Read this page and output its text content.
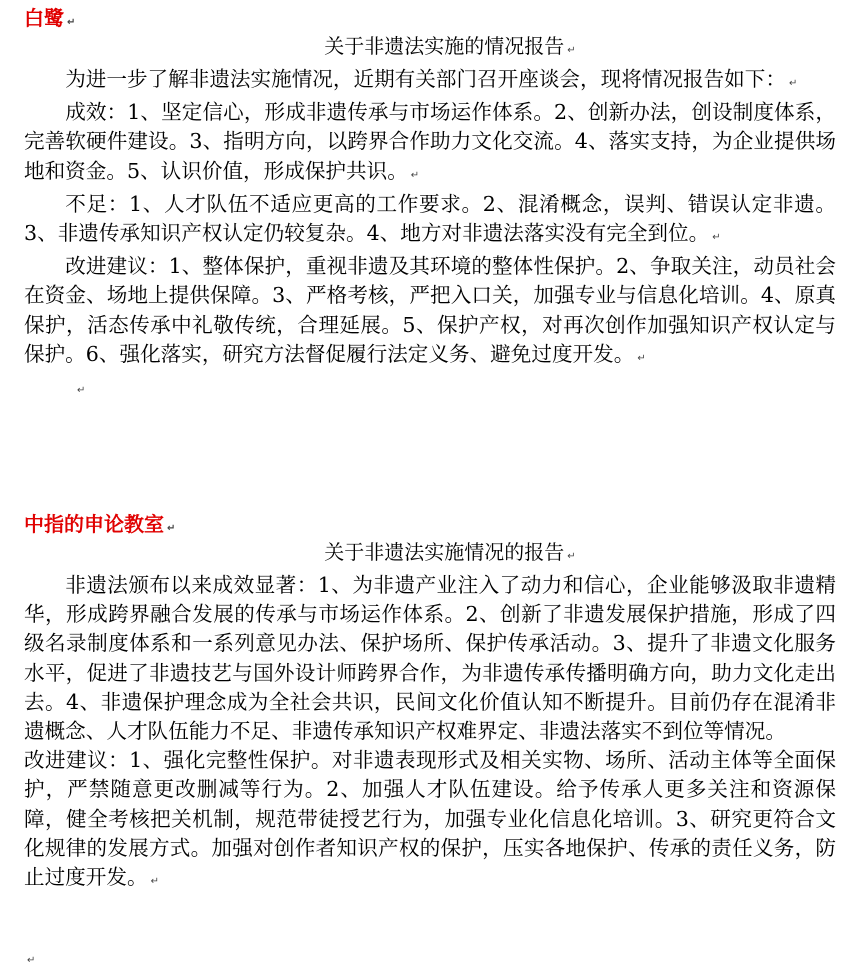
白鹭 ↵
关于非遗法实施的情况报告 ↵

为进一步了解非遗法实施情况，近期有关部门召开座谈会，现将情况报告如下： ↵

成效：1、坚定信心，形成非遗传承与市场运作体系。2、创新办法，创设制度体系，完善软硬件建设。3、指明方向，以跨界合作助力文化交流。4、落实支持，为企业提供场地和资金。5、认识价值，形成保护共识。 ↵

不足：1、人才队伍不适应更高的工作要求。2、混淆概念，误判、错误认定非遗。3、非遗传承知识产权认定仍较复杂。4、地方对非遗法落实没有完全到位。 ↵

改进建议：1、整体保护，重视非遗及其环境的整体性保护。2、争取关注，动员社会在资金、场地上提供保障。3、严格考核，严把入口关，加强专业与信息化培训。4、原真保护，活态传承中礼敬传统，合理延展。5、保护产权，对再次创作加强知识产权认定与保护。6、强化落实，研究方法督促履行法定义务、避免过度开发。 ↵

↵
中指的申论教室 ↵
关于非遗法实施情况的报告 ↵

非遗法颁布以来成效显著：1、为非遗产业注入了动力和信心，企业能够汲取非遗精华，形成跨界融合发展的传承与市场运作体系。2、创新了非遗发展保护措施，形成了四级名录制度体系和一系列意见办法、保护场所、保护传承活动。3、提升了非遗文化服务水平，促进了非遗技艺与国外设计师跨界合作，为非遗传承传播明确方向，助力文化走出去。4、非遗保护理念成为全社会共识，民间文化价值认知不断提升。目前仍存在混淆非遗概念、人才队伍能力不足、非遗传承知识产权难界定、非遗法落实不到位等情况。

改进建议：1、强化完整性保护。对非遗表现形式及相关实物、场所、活动主体等全面保护，严禁随意更改删减等行为。2、加强人才队伍建设。给予传承人更多关注和资源保障，健全考核把关机制，规范带徒授艺行为，加强专业化信息化培训。3、研究更符合文化规律的发展方式。加强对创作者知识产权的保护，压实各地保护、传承的责任义务，防止过度开发。 ↵

↵
